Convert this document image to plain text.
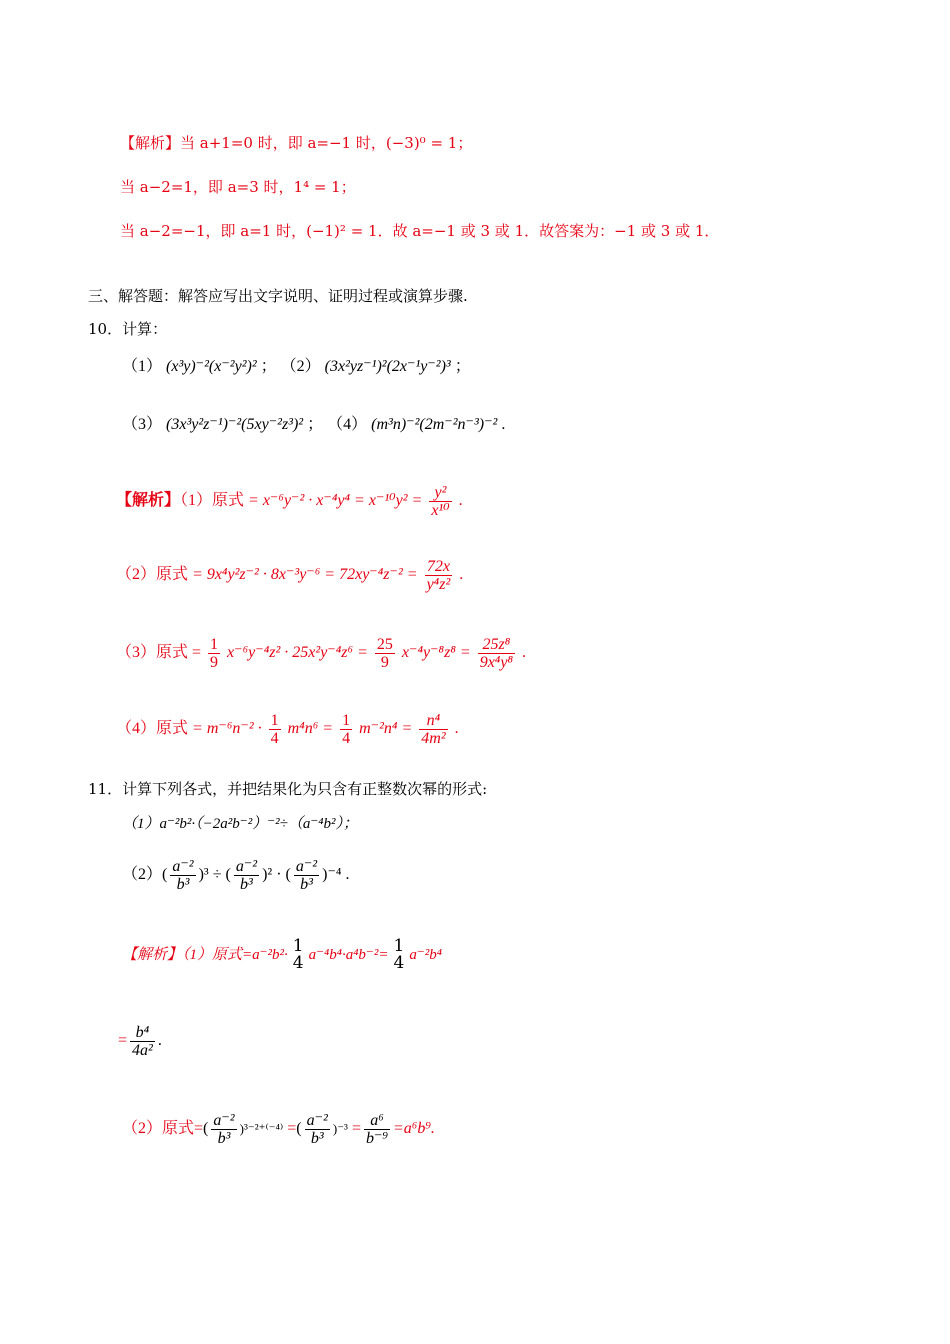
【解析】当 a+1=0 时，即 a=−1 时，(−3)⁰ = 1；
当 a−2=1，即 a=3 时，1⁴ = 1；
当 a−2=−1，即 a=1 时，(−1)² = 1．故 a=−1 或 3 或 1．故答案为：−1 或 3 或 1．
三、解答题：解答应写出文字说明、证明过程或演算步骤.
10．计算：
（1） (x³y)⁻²(x⁻²y²)² ； （2） (3x²yz⁻¹)²(2x⁻¹y⁻²)³ ；
（3） (3x³y²z⁻¹)⁻²(5xy⁻²z³)² ； （4） (m³n)⁻²(2m⁻²n⁻³)⁻² .
【解析】（1）原式 = $x^{-6}y^{-2} \cdot x^{-4}y^4 = x^{-10}y^2 = \frac{\text{y²}}{\text{x¹⁰}}$ .
（2）原式 = $9x^4y^2z^{-2} \cdot 8x^{-3}y^{-6} = 72xy^{-4}z^{-2} = \frac{72x}{\text{y⁴z²}}$ .
（3）原式 = $\frac{1}{9} x^{-6}y^{-4}z^2 \cdot 25x^2y^{-4}z^6 = \frac{25}{9} x^{-4}y^{-8}z^8 = \frac{\text{25z⁸}}{\text{9x⁴y⁸}}$ .
（4）原式 = $m^{-6}n^{-2} \cdot \frac{1}{4} m^4n^6 = \frac{1}{4} m^{-2}n^4 = \frac{\text{n⁴}}{\text{4m²}}$ .
11．计算下列各式，并把结果化为只含有正整数次幂的形式:
（1）a⁻²b²·（−2a²b⁻²）⁻²÷（a⁻⁴b²）；
$(2)( \frac{\text{a⁻²}}{\text{b³}} )^3$ ÷ ( $\frac{\text{a⁻²}}{\text{b³}} )^2$ · ( $\frac{\text{a⁻²}}{\text{b³}} )^{-4}$ .
【解析】（1）原式=a⁻²b²· 1
4 a⁻⁴b⁴·a⁴b⁻²= 1
4 a⁻²b⁴
= $\frac{\text{b⁴}}{\text{4a²}}$ .
（2）原式=( $\frac{\text{a⁻²}}{\text{b³}} )^{3-2+(-4)}$ =( $\frac{\text{a⁻²}}{\text{b³}} )^{-3} = \frac{\text{a⁶}}{\text{b⁻⁹}} =a^6b^9$.
